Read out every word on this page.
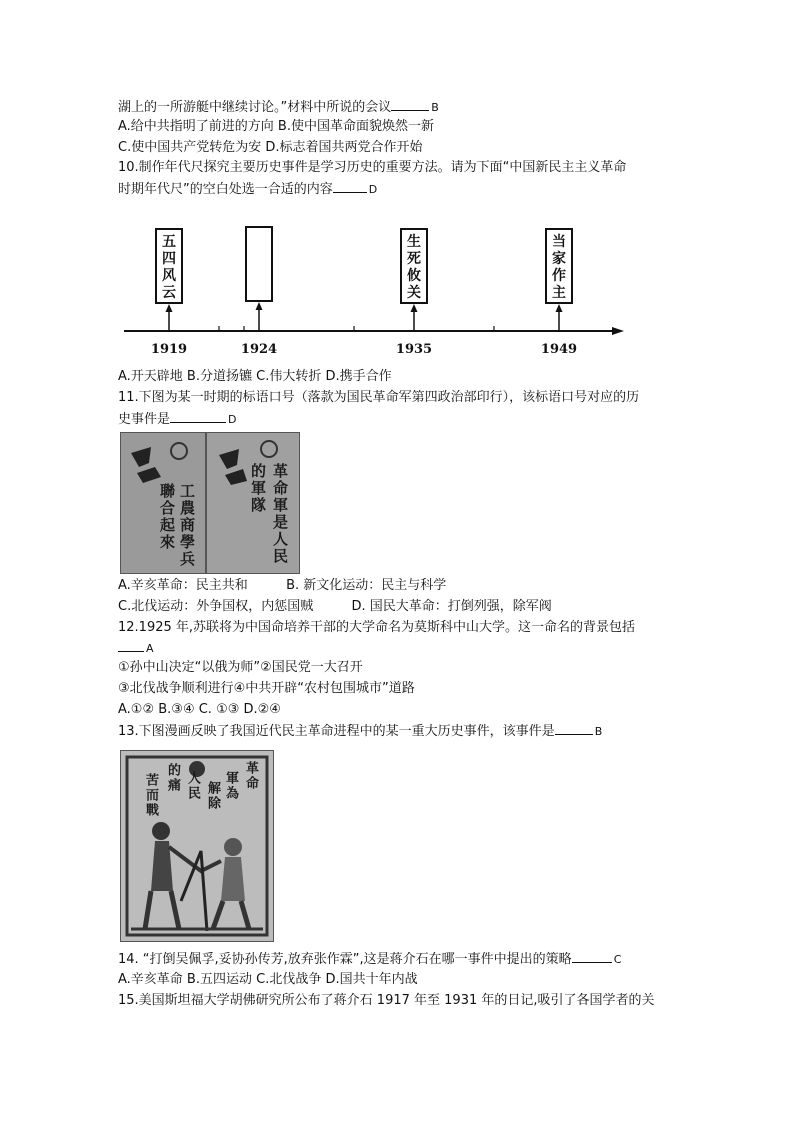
湖上的一所游艇中继续讨论。”材料中所说的会议	B
A.给中共指明了前进的方向 B.使中国革命面貌焕然一新
C.使中国共产党转危为安 D.标志着国共两党合作开始
10.制作年代尺探究主要历史事件是学习历史的重要方法。请为下面“中国新民主主义革命
时期年代尺”的空白处选一合适的内容	D
五
四
风
云
1919	1924
生
死
攸
关
1935
当
家
作
主
1949
A.开天辟地 B.分道扬镳 C.伟大转折 D.携手合作
11.下图为某一时期的标语口号（落款为国民革命军第四政治部印行），该标语口号对应的历
史事件是	D
工農商學兵聯合起來	革命軍是人民的軍隊
A.辛亥革命：民主共和	B. 新文化运动：民主与科学
C.北伐运动：外争国权，内惩国贼	D. 国民大革命：打倒列强，除军阀
12.1925 年,苏联将为中国命培养干部的大学命名为莫斯科中山大学。这一命名的背景包括
A
①孙中山决定“以俄为师”②国民党一大召开
③北伐战争顺利进行④中共开辟“农村包围城市”道路
A.①② B.③④ C. ①③ D.②④
13.下图漫画反映了我国近代民主革命进程中的某一重大历史事件，该事件是	B
革命
軍為
解除
人民
的痛
苦而戰
14. “打倒吴佩孚,妥协孙传芳,放弃张作霖”,这是蒋介石在哪一事件中提出的策略	C
A.辛亥革命 B.五四运动 C.北伐战争 D.国共十年内战
15.美国斯坦福大学胡佛研究所公布了蒋介石 1917 年至 1931 年的日记,吸引了各国学者的关
